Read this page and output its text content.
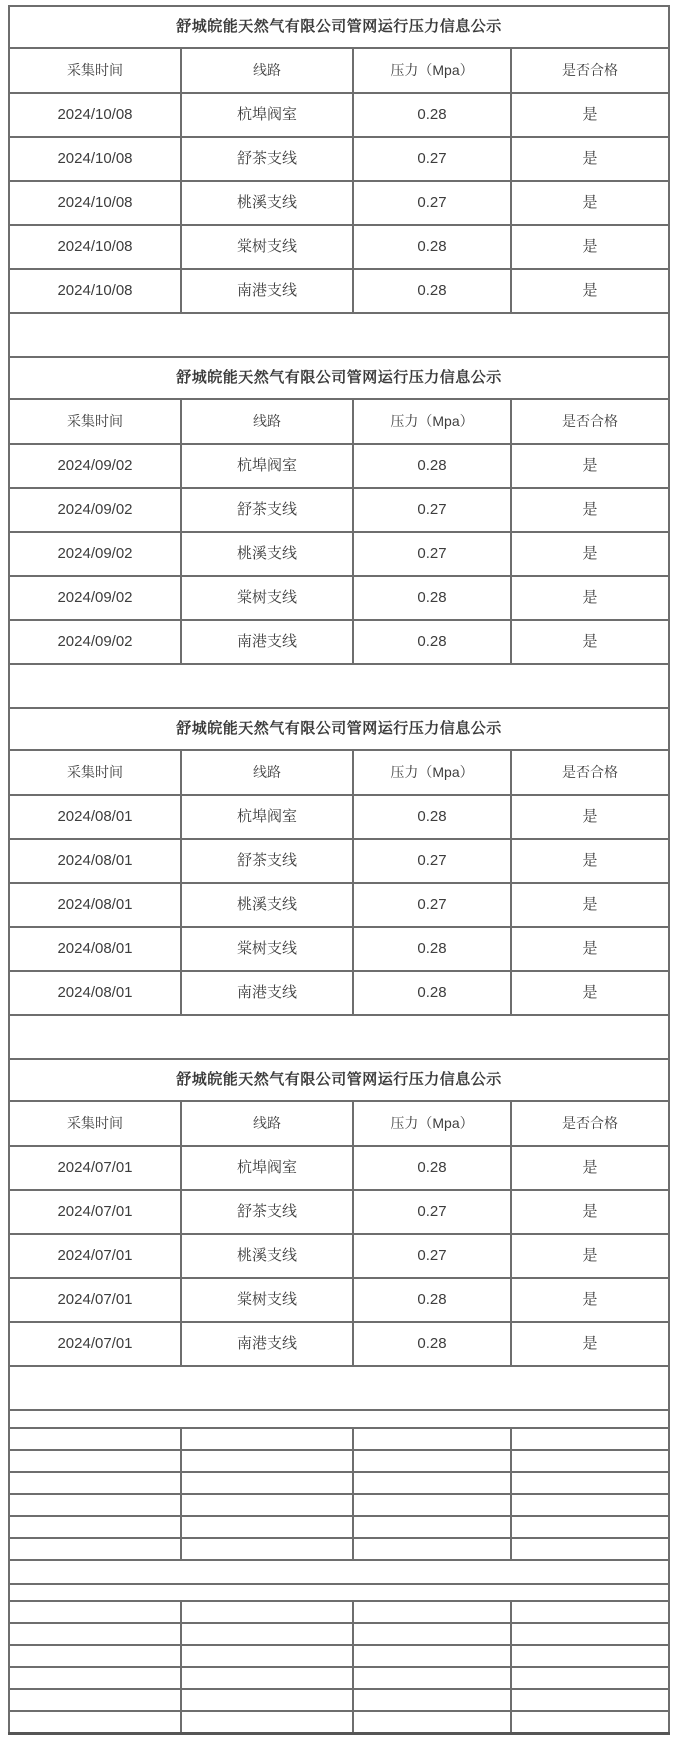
舒城皖能天然气有限公司管网运行压力信息公示			
采集时间	线路	压力（Mpa）	是否合格
2024/10/08	杭埠阀室	0.28	是
2024/10/08	舒茶支线	0.27	是
2024/10/08	桃溪支线	0.27	是
2024/10/08	棠树支线	0.28	是
2024/10/08	南港支线	0.28	是

舒城皖能天然气有限公司管网运行压力信息公示			
采集时间	线路	压力（Mpa）	是否合格
2024/09/02	杭埠阀室	0.28	是
2024/09/02	舒茶支线	0.27	是
2024/09/02	桃溪支线	0.27	是
2024/09/02	棠树支线	0.28	是
2024/09/02	南港支线	0.28	是

舒城皖能天然气有限公司管网运行压力信息公示			
采集时间	线路	压力（Mpa）	是否合格
2024/08/01	杭埠阀室	0.28	是
2024/08/01	舒茶支线	0.27	是
2024/08/01	桃溪支线	0.27	是
2024/08/01	棠树支线	0.28	是
2024/08/01	南港支线	0.28	是

舒城皖能天然气有限公司管网运行压力信息公示			
采集时间	线路	压力（Mpa）	是否合格
2024/07/01	杭埠阀室	0.28	是
2024/07/01	舒茶支线	0.27	是
2024/07/01	桃溪支线	0.27	是
2024/07/01	棠树支线	0.28	是
2024/07/01	南港支线	0.28	是
